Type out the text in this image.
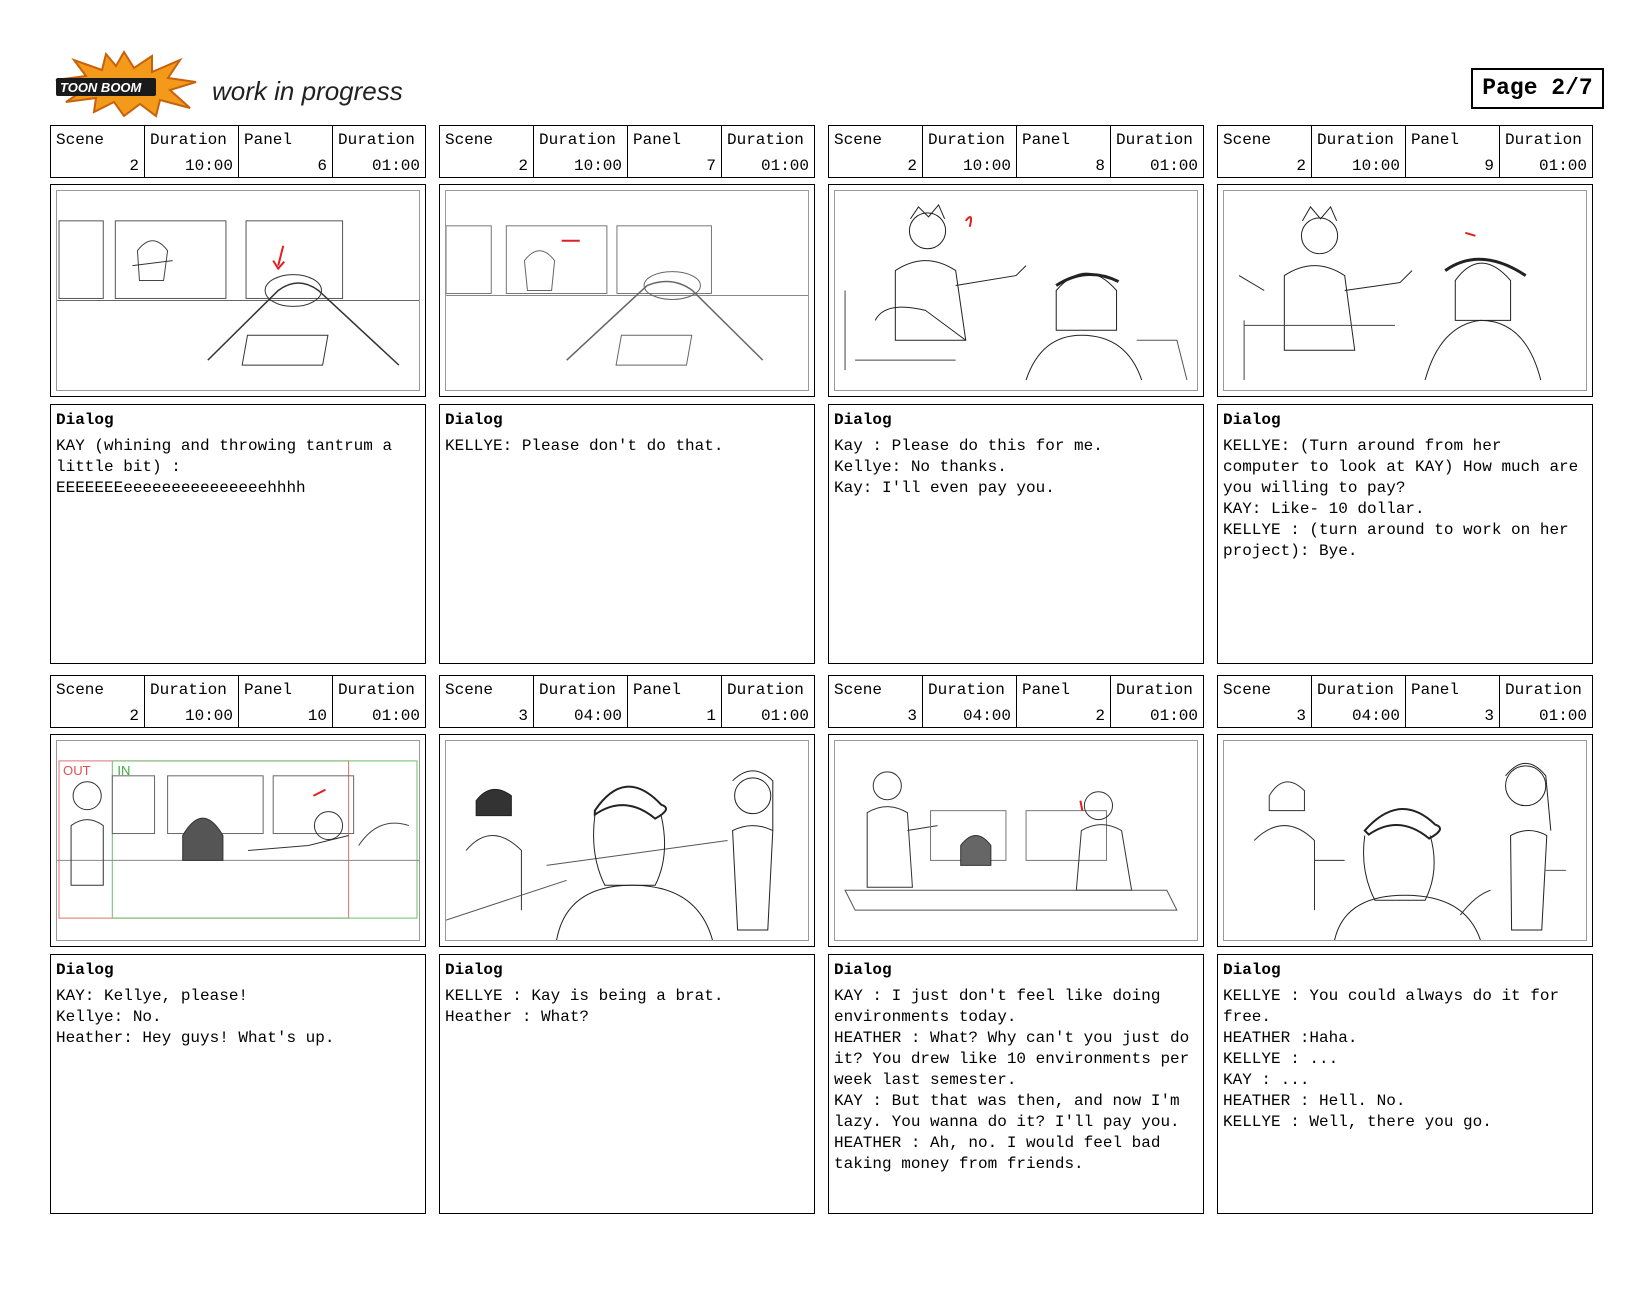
TOON BOOM	work in progress	Page 2/7
Scene
2
Duration
10:00
Panel
6
Duration
01:00
Dialog
KAY (whining and throwing tantrum a little bit) :
EEEEEEEeeeeeeeeeeeeeeehhhh
Scene
2
Duration
10:00
Panel
7
Duration
01:00
Dialog
KELLYE: Please don't do that.
Scene
2
Duration
10:00
Panel
8
Duration
01:00
Dialog
Kay : Please do this for me.
Kellye: No thanks.
Kay: I'll even pay you.
Scene
2
Duration
10:00
Panel
9
Duration
01:00
Dialog
KELLYE: (Turn around from her computer to look at KAY) How much are you willing to pay?
KAY: Like- 10 dollar.
KELLYE : (turn around to work on her project): Bye.
Scene
2
Duration
10:00
Panel
10
Duration
01:00
OUT IN
Dialog
KAY: Kellye, please!
Kellye: No.
Heather: Hey guys! What's up.
Scene
3
Duration
04:00
Panel
1
Duration
01:00
Dialog
KELLYE : Kay is being a brat.
Heather : What?
Scene
3
Duration
04:00
Panel
2
Duration
01:00
Dialog
KAY : I just don't feel like doing environments today.
HEATHER : What? Why can't you just do it? You drew like 10 environments per week last semester.
KAY : But that was then, and now I'm lazy. You wanna do it? I'll pay you.
HEATHER : Ah, no. I would feel bad taking money from friends.
Scene
3
Duration
04:00
Panel
3
Duration
01:00
Dialog
KELLYE : You could always do it for free.
HEATHER :Haha.
KELLYE : ...
KAY : ...
HEATHER : Hell. No.
KELLYE : Well, there you go.
